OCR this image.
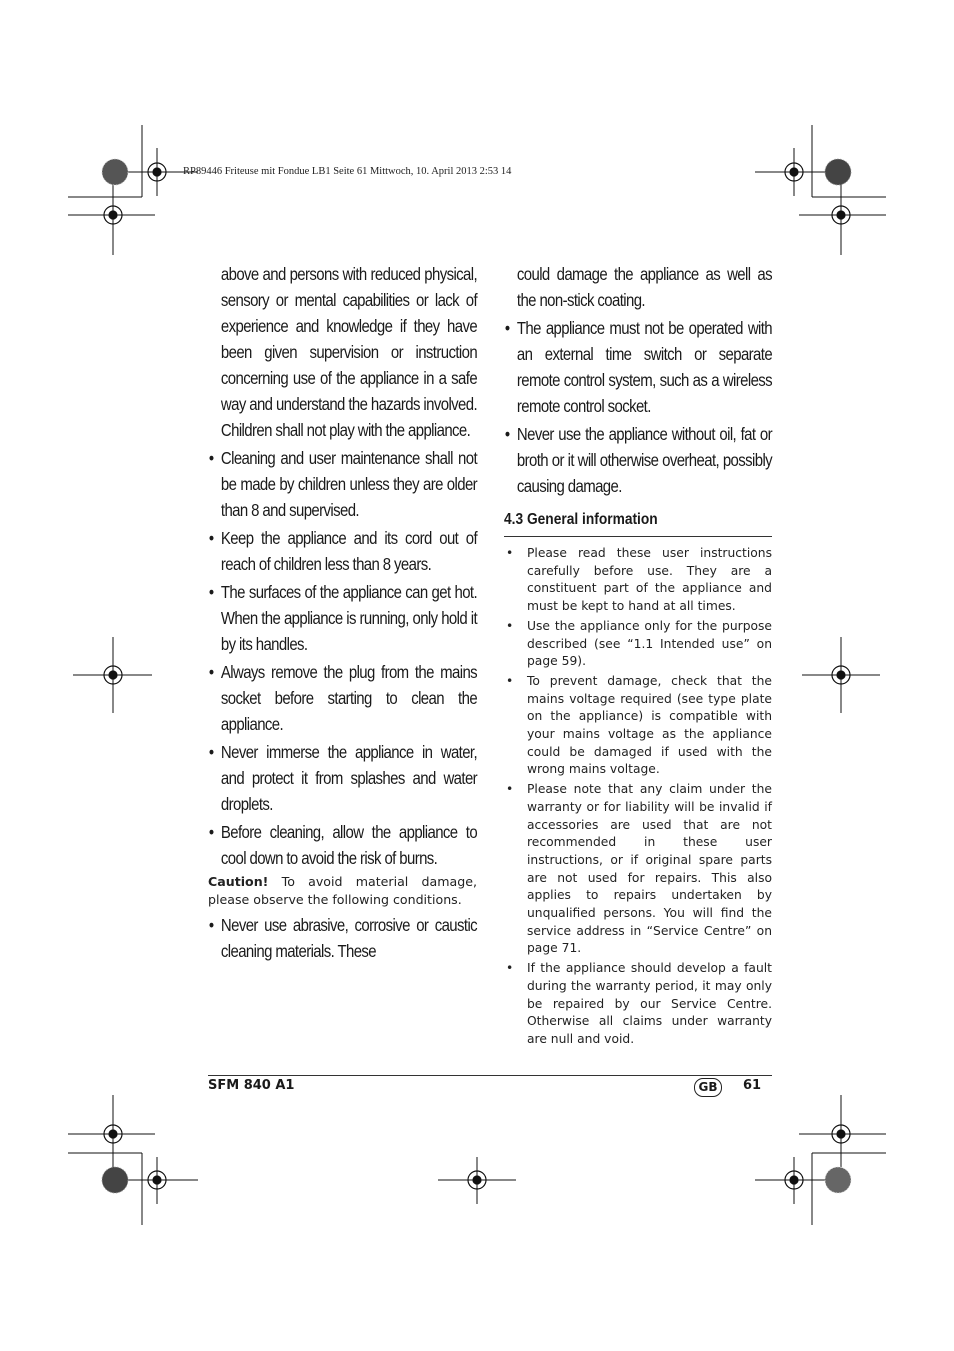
RP89446 Friteuse mit Fondue LB1 Seite 61 Mittwoch, 10. April 2013 2:53 14

above and persons with reduced physical, sensory or mental capabilities or lack of experience and knowledge if they have been given supervision or instruction concerning use of the appliance in a safe way and understand the hazards involved. Children shall not play with the appliance.

• Cleaning and user maintenance shall not be made by children unless they are older than 8 and supervised.

• Keep the appliance and its cord out of reach of children less than 8 years.

• The surfaces of the appliance can get hot. When the appliance is running, only hold it by its handles.

• Always remove the plug from the mains socket before starting to clean the appliance.

• Never immerse the appliance in water, and protect it from splashes and water droplets.

• Before cleaning, allow the appliance to cool down to avoid the risk of burns.

Caution! To avoid material damage, please observe the following conditions.

• Never use abrasive, corrosive or caustic cleaning materials. These

could damage the appliance as well as the non-stick coating.

• The appliance must not be operated with an external time switch or separate remote control system, such as a wireless remote control socket.

• Never use the appliance without oil, fat or broth or it will otherwise overheat, possibly causing damage.

4.3 General information
• Please read these user instructions carefully before use. They are a constituent part of the appliance and must be kept to hand at all times.
• Use the appliance only for the purpose described (see “1.1 Intended use” on page 59).
• To prevent damage, check that the mains voltage required (see type plate on the appliance) is compatible with your mains voltage as the appliance could be damaged if used with the wrong mains voltage.
• Please note that any claim under the warranty or for liability will be invalid if accessories are used that are not recommended in these user instructions, or if original spare parts are not used for repairs. This also applies to repairs undertaken by unqualified persons. You will find the service address in “Service Centre” on page 71.
• If the appliance should develop a fault during the warranty period, it may only be repaired by our Service Centre. Otherwise all claims under warranty are null and void.
SFM 840 A1	GB	61
